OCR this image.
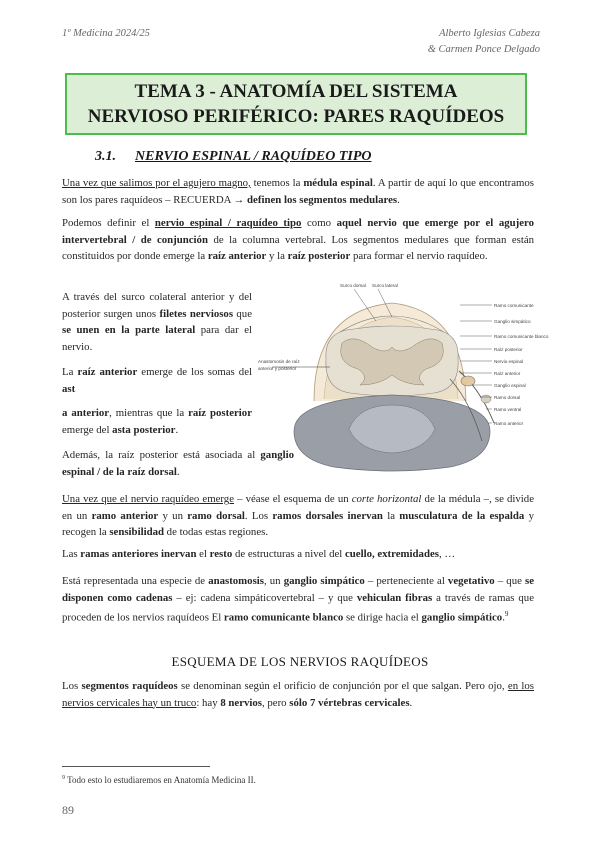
1º Medicina 2024/25	Alberto Iglesias Cabeza
& Carmen Ponce Delgado
TEMA 3 - ANATOMÍA DEL SISTEMA
NERVIOSO PERIFÉRICO: PARES RAQUÍDEOS
3.1. NERVIO ESPINAL / RAQUÍDEO TIPO
Una vez que salimos por el agujero magno, tenemos la médula espinal. A partir de aquí lo que encontramos son los pares raquídeos – RECUERDA → definen los segmentos medulares.
Podemos definir el nervio espinal / raquídeo tipo como aquel nervio que emerge por el agujero intervertebral / de conjunción de la columna vertebral. Los segmentos medulares que forman están constituidos por donde emerge la raíz anterior y la raíz posterior para formar el nervio raquídeo.
A través del surco colateral anterior y del posterior surgen unos filetes nerviosos que se unen en la parte lateral para dar el nervio.
La raíz anterior emerge de los somas del ast
a anterior, mientras que la raíz posterior emerge del asta posterior.
Además, la raíz posterior está asociada al ganglio espinal / de la raíz dorsal.
Anastomosis de raíz
anterior y posterior
Surco dorsal Surco lateral
Ramo comunicante
Ganglio simpático
Ramo comunicante blanco
Raíz posterior
Nervio espinal
Raíz anterior
Ganglio espinal
Ramo dorsal
Ramo ventral
Ramo anterior
Una vez que el nervio raquídeo emerge – véase el esquema de un corte horizontal de la médula –, se divide en un ramo anterior y un ramo dorsal. Los ramos dorsales inervan la musculatura de la espalda y recogen la sensibilidad de todas estas regiones.
Las ramas anteriores inervan el resto de estructuras a nivel del cuello, extremidades, …
Está representada una especie de anastomosis, un ganglio simpático – perteneciente al vegetativo – que se disponen como cadenas – ej: cadena simpáticovertebral – y que vehiculan fibras a través de ramas que proceden de los nervios raquídeos El ramo comunicante blanco se dirige hacia el ganglio simpático.$^9$
ESQUEMA DE LOS NERVIOS RAQUÍDEOS
Los segmentos raquídeos se denominan según el orificio de conjunción por el que salgan. Pero ojo, en los nervios cervicales hay un truco: hay 8 nervios, pero sólo 7 vértebras cervicales.
$^9$ Todo esto lo estudiaremos en Anatomía Medicina II.
89
